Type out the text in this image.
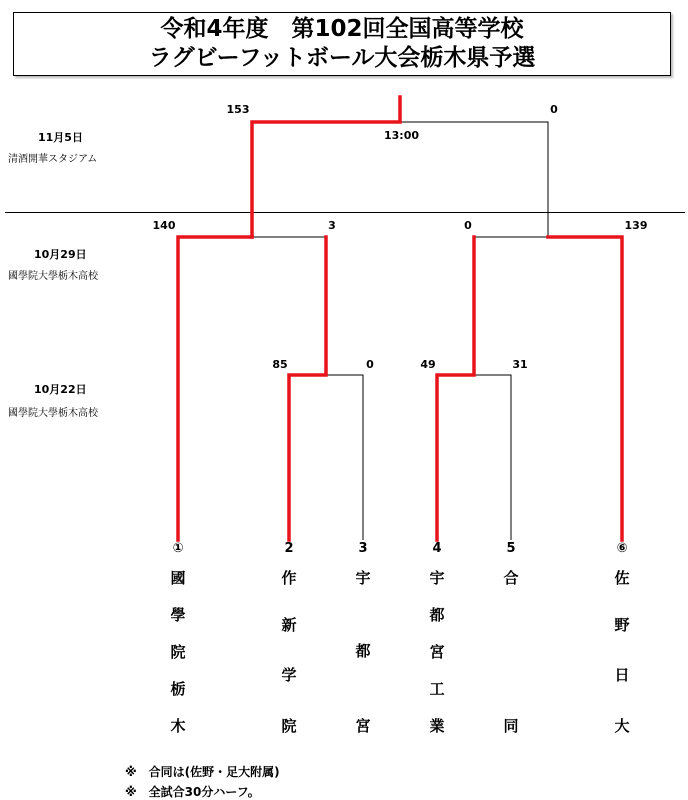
令和4年度　第102回全国高等学校
ラグビーフットボール大会栃木県予選
11月5日
清酒開華スタジアム
10月29日
國學院大學栃木高校
10月22日
國學院大學栃木高校
153	0
13:00
140	3	0	139
85	0	49	31
①
國
學
院
栃
木
2
作
新
学
院
3
宇
都
宮
4
宇
都
宮
工
業
5
合
同
⑥
佐
野
日
大
※　合同は(佐野・足大附属)
※　全試合30分ハーフ。
